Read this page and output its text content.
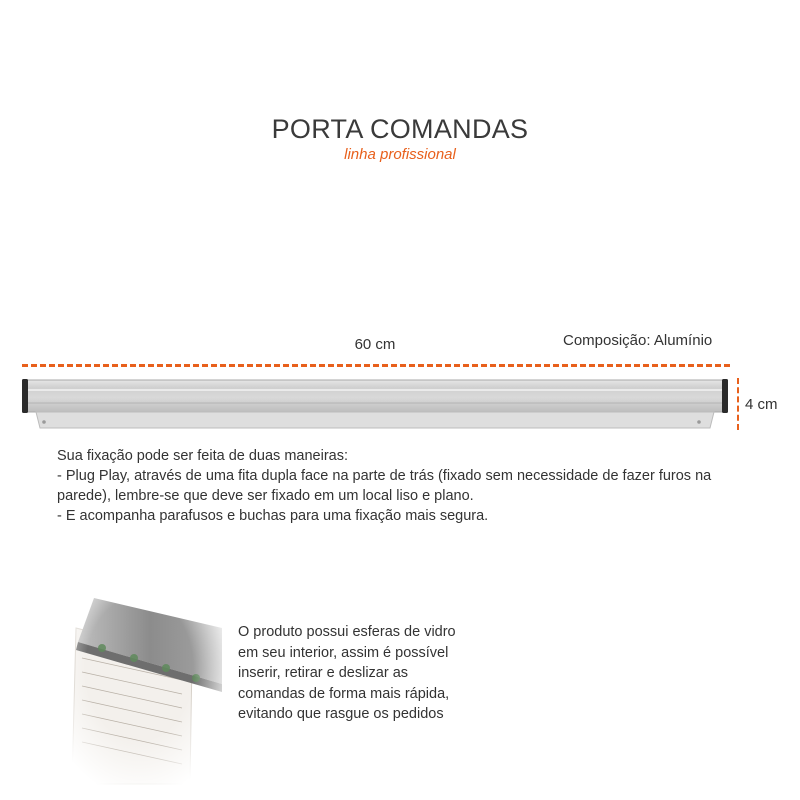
PORTA COMANDAS
linha profissional
60 cm	Composição: Alumínio
4 cm

Sua fixação pode ser feita de duas maneiras:

- Plug Play, através de uma fita dupla face na parte de trás (fixado sem necessidade de fazer furos na parede), lembre-se que deve ser fixado em um local liso e plano.

- E acompanha parafusos e buchas para uma fixação mais segura.

O produto possui esferas de vidro em seu interior, assim é possível inserir, retirar e deslizar as comandas de forma mais rápida, evitando que rasgue os pedidos
